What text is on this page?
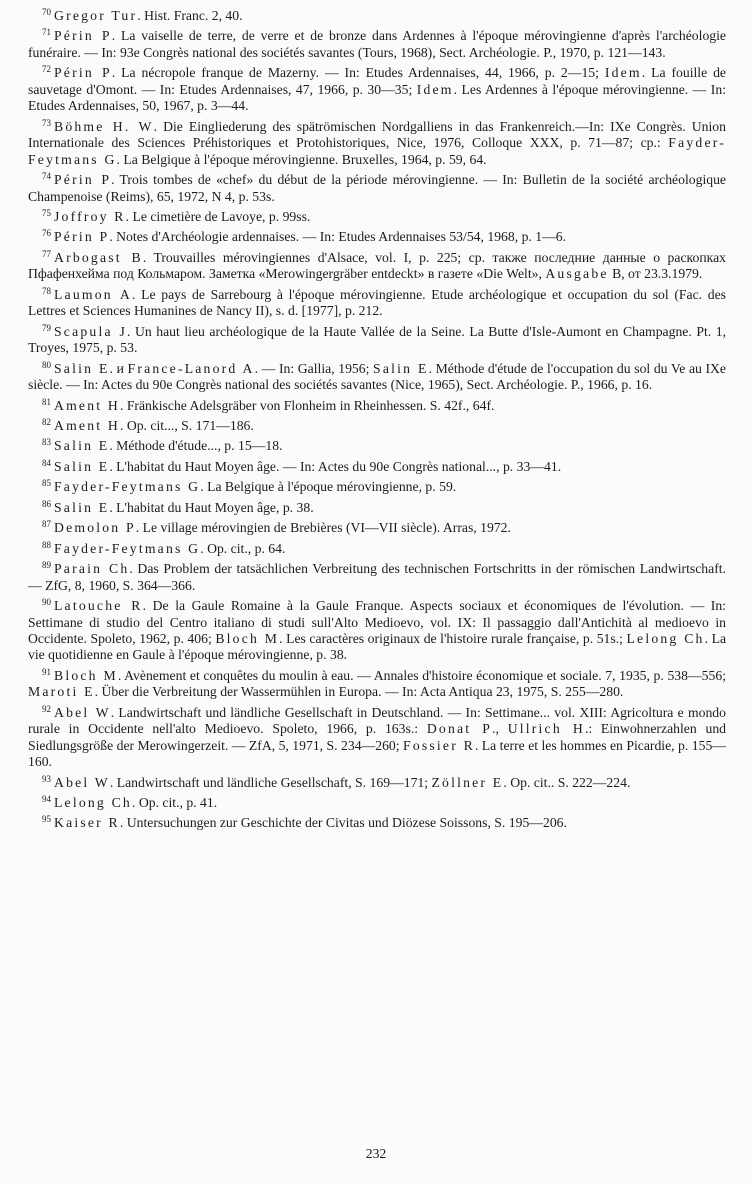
$^{70}$ Gregor Tur. Hist. Franc. 2, 40.

$^{71}$ Périn P. La vaiselle de terre, de verre et de bronze dans Ardennes à l'époque mérovingienne d'après l'archéologie funéraire. — In: 93e Congrès national des sociétés savantes (Tours, 1968), Sect. Archéologie. P., 1970, p. 121—143.

$^{72}$ Périn P. La nécropole franque de Mazerny. — In: Etudes Ardennaises, 44, 1966, p. 2—15; Idem. La fouille de sauvetage d'Omont. — In: Etudes Ardennaises, 47, 1966, p. 30—35; Idem. Les Ardennes à l'époque mérovingienne. — In: Etudes Ardennaises, 50, 1967, p. 3—44.

$^{73}$ Böhme H. W. Die Eingliederung des spätrömischen Nordgalliens in das Frankenreich.—In: IXe Congrès. Union Internationale des Sciences Préhistoriques et Protohistoriques, Nice, 1976, Colloque XXX, p. 71—87; ср.: Fayder-Feytmans G. La Belgique à l'époque mérovingienne. Bruxelles, 1964, p. 59, 64.

$^{74}$ Périn P. Trois tombes de «chef» du début de la période mérovingienne. — In: Bulletin de la société archéologique Champenoise (Reims), 65, 1972, N 4, p. 53s.

$^{75}$ Joffroy R. Le cimetière de Lavoye, p. 99ss.

$^{76}$ Périn P. Notes d'Archéologie ardennaises. — In: Etudes Ardennaises 53/54, 1968, p. 1—6.

$^{77}$ Arbogast B. Trouvailles mérovingiennes d'Alsace, vol. I, p. 225; ср. также последние данные о раскопках Пфафенхейма под Кольмаром. Заметка «Merowingergräber entdeckt» в газете «Die Welt», Ausgabe B, от 23.3.1979.

$^{78}$ Laumon A. Le pays de Sarrebourg à l'époque mérovingienne. Etude archéologique et occupation du sol (Fac. des Lettres et Sciences Humanines de Nancy II), s. d. [1977], p. 212.

$^{79}$ Scapula J. Un haut lieu archéologique de la Haute Vallée de la Seine. La Butte d'Isle-Aumont en Champagne. Pt. 1, Troyes, 1975, p. 53.

$^{80}$ Salin E. и France-Lanord A. — In: Gallia, 1956; Salin E. Méthode d'étude de l'occupation du sol du Ve au IXe siècle. — In: Actes du 90e Congrès national des sociétés savantes (Nice, 1965), Sect. Archéologie. P., 1966, p. 16.

$^{81}$ Ament H. Fränkische Adelsgräber von Flonheim in Rheinhessen. S. 42f., 64f.

$^{82}$ Ament H. Op. cit..., S. 171—186.

$^{83}$ Salin E. Méthode d'étude..., p. 15—18.

$^{84}$ Salin E. L'habitat du Haut Moyen âge. — In: Actes du 90e Congrès national..., p. 33—41.

$^{85}$ Fayder-Feytmans G. La Belgique à l'époque mérovingienne, p. 59.

$^{86}$ Salin E. L'habitat du Haut Moyen âge, p. 38.

$^{87}$ Demolon P. Le village mérovingien de Brebières (VI—VII siècle). Arras, 1972.

$^{88}$ Fayder-Feytmans G. Op. cit., p. 64.

$^{89}$ Parain Ch. Das Problem der tatsächlichen Verbreitung des technischen Fortschritts in der römischen Landwirtschaft. — ZfG, 8, 1960, S. 364—366.

$^{90}$ Latouche R. De la Gaule Romaine à la Gaule Franque. Aspects sociaux et économiques de l'évolution. — In: Settimane di studio del Centro italiano di studi sull'Alto Medioevo, vol. IX: Il passaggio dall'Antichità al medioevo in Occidente. Spoleto, 1962, p. 406; Bloch M. Les caractères originaux de l'histoire rurale française, p. 51s.; Lelong Ch. La vie quotidienne en Gaule à l'époque mérovingienne, p. 38.

$^{91}$ Bloch M. Avènement et conquêtes du moulin à eau. — Annales d'histoire économique et sociale. 7, 1935, p. 538—556; Maroti E. Über die Verbreitung der Wassermühlen in Europa. — In: Acta Antiqua 23, 1975, S. 255—280.

$^{92}$ Abel W. Landwirtschaft und ländliche Gesellschaft in Deutschland. — In: Settimane... vol. XIII: Agricoltura e mondo rurale in Occidente nell'alto Medioevo. Spoleto, 1966, p. 163s.: Donat P., Ullrich H.: Einwohnerzahlen und Siedlungsgröße der Merowingerzeit. — ZfA, 5, 1971, S. 234—260; Fossier R. La terre et les hommes en Picardie, p. 155—160.

$^{93}$ Abel W. Landwirtschaft und ländliche Gesellschaft, S. 169—171; Zöllner E. Op. cit.. S. 222—224.

$^{94}$ Lelong Ch. Op. cit., p. 41.

$^{95}$ Kaiser R. Untersuchungen zur Geschichte der Civitas und Diözese Soissons, S. 195—206.

232
